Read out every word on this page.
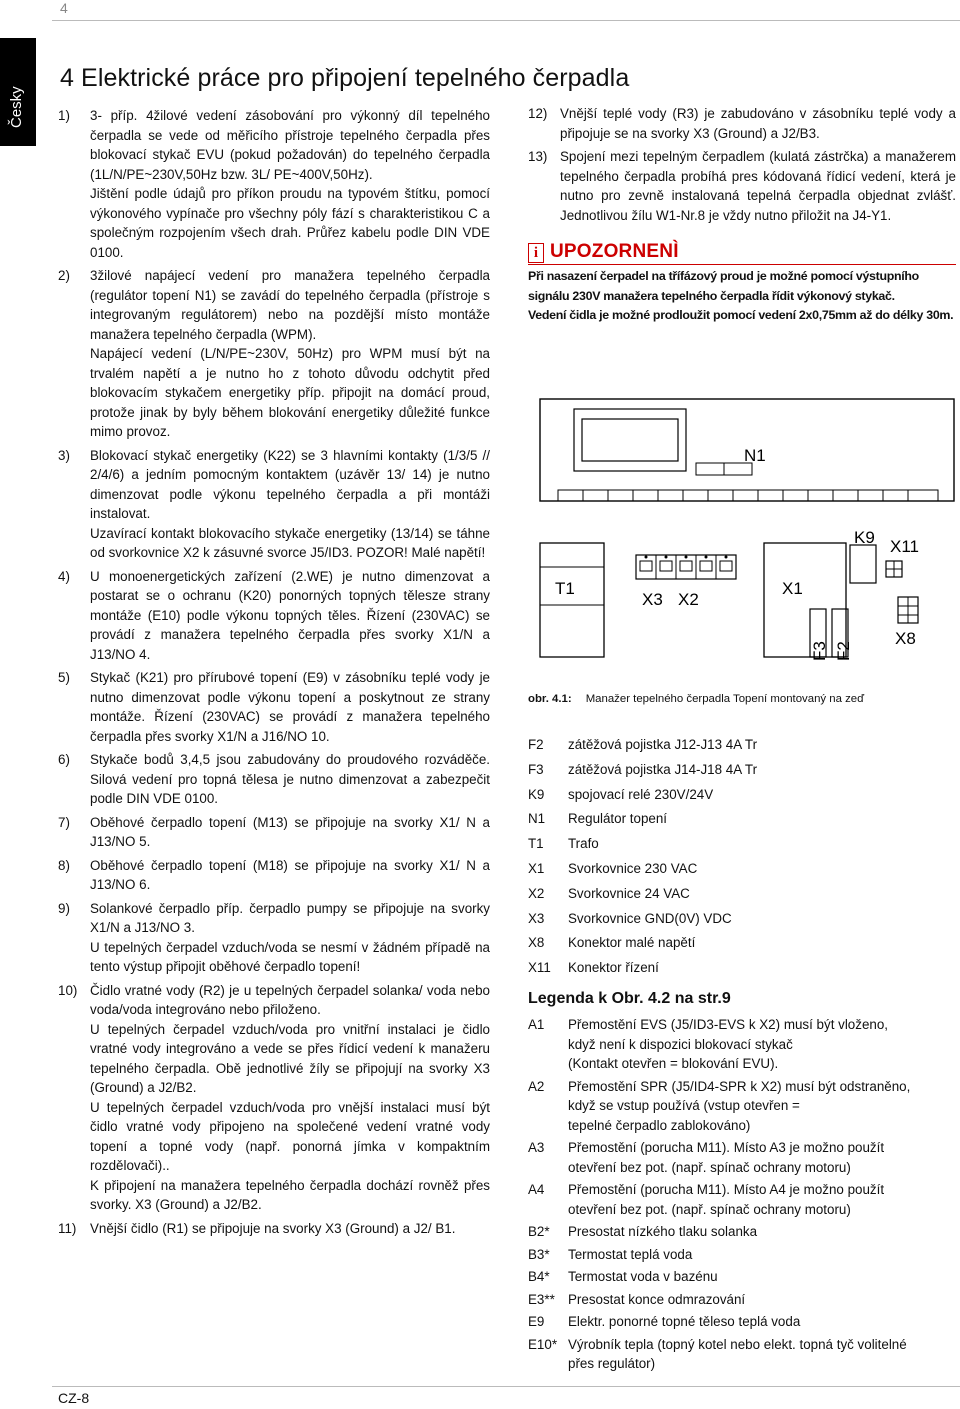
4
Česky
4 Elektrické práce pro připojení tepelného čerpadla
1) 3- příp. 4žilové vedení zásobování pro výkonný díl tepelného čerpadla se vede od měřicího přístroje tepelného čerpadla přes blokovací stykač EVU (pokud požadován) do tepelného čerpadla (1L/N/PE~230V,50Hz bzw. 3L/ PE~400V,50Hz).

Jištění podle údajů pro příkon proudu na typovém štítku, pomocí výkonového vypínače pro všechny póly fází s charakteristikou C a společným rozpojením všech drah. Průřez kabelu podle DIN VDE 0100.

2) 3žilové napájecí vedení pro manažera tepelného čerpadla (regulátor topení N1) se zavádí do tepelného čerpadla (přístroje s integrovaným regulátorem) nebo na pozdější místo montáže manažera tepelného čerpadla (WPM).

Napájecí vedení (L/N/PE~230V, 50Hz) pro WPM musí být na trvalém napětí a je nutno ho z tohoto důvodu odchytit před blokovacím stykačem energetiky příp. připojit na domácí proud, protože jinak by byly během blokování energetiky důležité funkce mimo provoz.

3) Blokovací stykač energetiky (K22) se 3 hlavními kontakty (1/3/5 // 2/4/6) a jedním pomocným kontaktem (uzávěr 13/ 14) je nutno dimenzovat podle výkonu tepelného čerpadla a při montáži instalovat.

Uzavírací kontakt blokovacího stykače energetiky (13/14) se táhne od svorkovnice X2 k zásuvné svorce J5/ID3. POZOR! Malé napětí!

4) U monoenergetických zařízení (2.WE) je nutno dimenzovat a postarat se o ochranu (K20) ponorných topných tělesze strany montáže (E10) podle výkonu topných těles. Řízení (230VAC) se provádí z manažera tepelného čerpadla přes svorky X1/N a J13/NO 4.

5) Stykač (K21) pro přírubové topení (E9) v zásobníku teplé vody je nutno dimenzovat podle výkonu topení a poskytnout ze strany montáže. Řízení (230VAC) se provádí z manažera tepelného čerpadla přes svorky X1/N a J16/NO 10.

6) Stykače bodů 3,4,5 jsou zabudovány do proudového rozváděče. Silová vedení pro topná tělesa je nutno dimenzovat a zabezpečit podle DIN VDE 0100.

7) Oběhové čerpadlo topení (M13) se připojuje na svorky X1/ N a J13/NO 5.

8) Oběhové čerpadlo topení (M18) se připojuje na svorky X1/ N a J13/NO 6.

9) Solankové čerpadlo příp. čerpadlo pumpy se připojuje na svorky X1/N a J13/NO 3.

U tepelných čerpadel vzduch/voda se nesmí v žádném případě na tento výstup připojit oběhové čerpadlo topení!

10) Čidlo vratné vody (R2) je u tepelných čerpadel solanka/ voda nebo voda/voda integrováno nebo přiloženo.

U tepelných čerpadel vzduch/voda pro vnitřní instalaci je čidlo vratné vody integrováno a vede se přes řídicí vedení k manažeru tepelného čerpadla. Obě jednotlivé žíly se připojují na svorky X3 (Ground) a J2/B2.

U tepelných čerpadel vzduch/voda pro vnější instalaci musí být čidlo vratné vody připojeno na společené vedení vratné vody topení a topné vody (např. ponorná jímka v kompaktním rozdělovači)..

K připojení na manažera tepelného čerpadla dochází rovněž přes svorky. X3 (Ground) a J2/B2.

11) Vnější čidlo (R1) se připojuje na svorky X3 (Ground) a J2/ B1.

12) Vnější teplé vody (R3) je zabudováno v zásobníku teplé vody a připojuje se na svorky X3 (Ground) a J2/B3.

13) Spojení mezi tepelným čerpadlem (kulatá zástrčka) a manažerem tepelného čerpadla probíhá pres kódovaná řídicí vedení, která je nutno pro zevně instalovaná tepelná čerpadla objednat zvlášť. Jednotlivou žílu W1-Nr.8 je vždy nutno přiložit na J4-Y1.

i UPOZORNENÌ
Při nasazení čerpadel na třífázový proud je možné pomocí výstupního signálu 230V manažera tepelného čerpadla řídit výkonový stykač.
Vedení čidla je možné prodloužit pomocí vedení 2x0,75mm až do délky 30m.
N1
T1
X3 X2
X1
F3 F2
K9 X11
X8
obr. 4.1: Manažer tepelného čerpadla Topení montovaný na zeď
F2 zátěžová pojistka J12-J13 4A Tr
F3 zátěžová pojistka J14-J18 4A Tr
K9 spojovací relé 230V/24V
N1 Regulátor topení
T1 Trafo
X1 Svorkovnice 230 VAC
X2 Svorkovnice 24 VAC
X3 Svorkovnice GND(0V) VDC
X8 Konektor malé napětí
X11 Konektor řízení
Legenda k Obr. 4.2 na str.9
A1 Přemostění EVS (J5/ID3-EVS k X2) musí být vloženo,
když není k dispozici blokovací stykač
(Kontakt otevřen = blokování EVU).
A2 Přemostění SPR (J5/ID4-SPR k X2) musí být odstraněno,
když se vstup používá (vstup otevřen =
tepelné čerpadlo zablokováno)
A3 Přemostění (porucha M11). Místo A3 je možno použít
otevření bez pot. (např. spínač ochrany motoru)
A4 Přemostění (porucha M11). Místo A4 je možno použít
otevření bez pot. (např. spínač ochrany motoru)
B2* Presostat nízkého tlaku solanka
B3* Termostat teplá voda
B4* Termostat voda v bazénu
E3** Presostat konce odmrazování
E9 Elektr. ponorné topné těleso teplá voda
E10* Výrobník tepla (topný kotel nebo elekt. topná tyč volitelné
přes regulátor)
CZ-8
